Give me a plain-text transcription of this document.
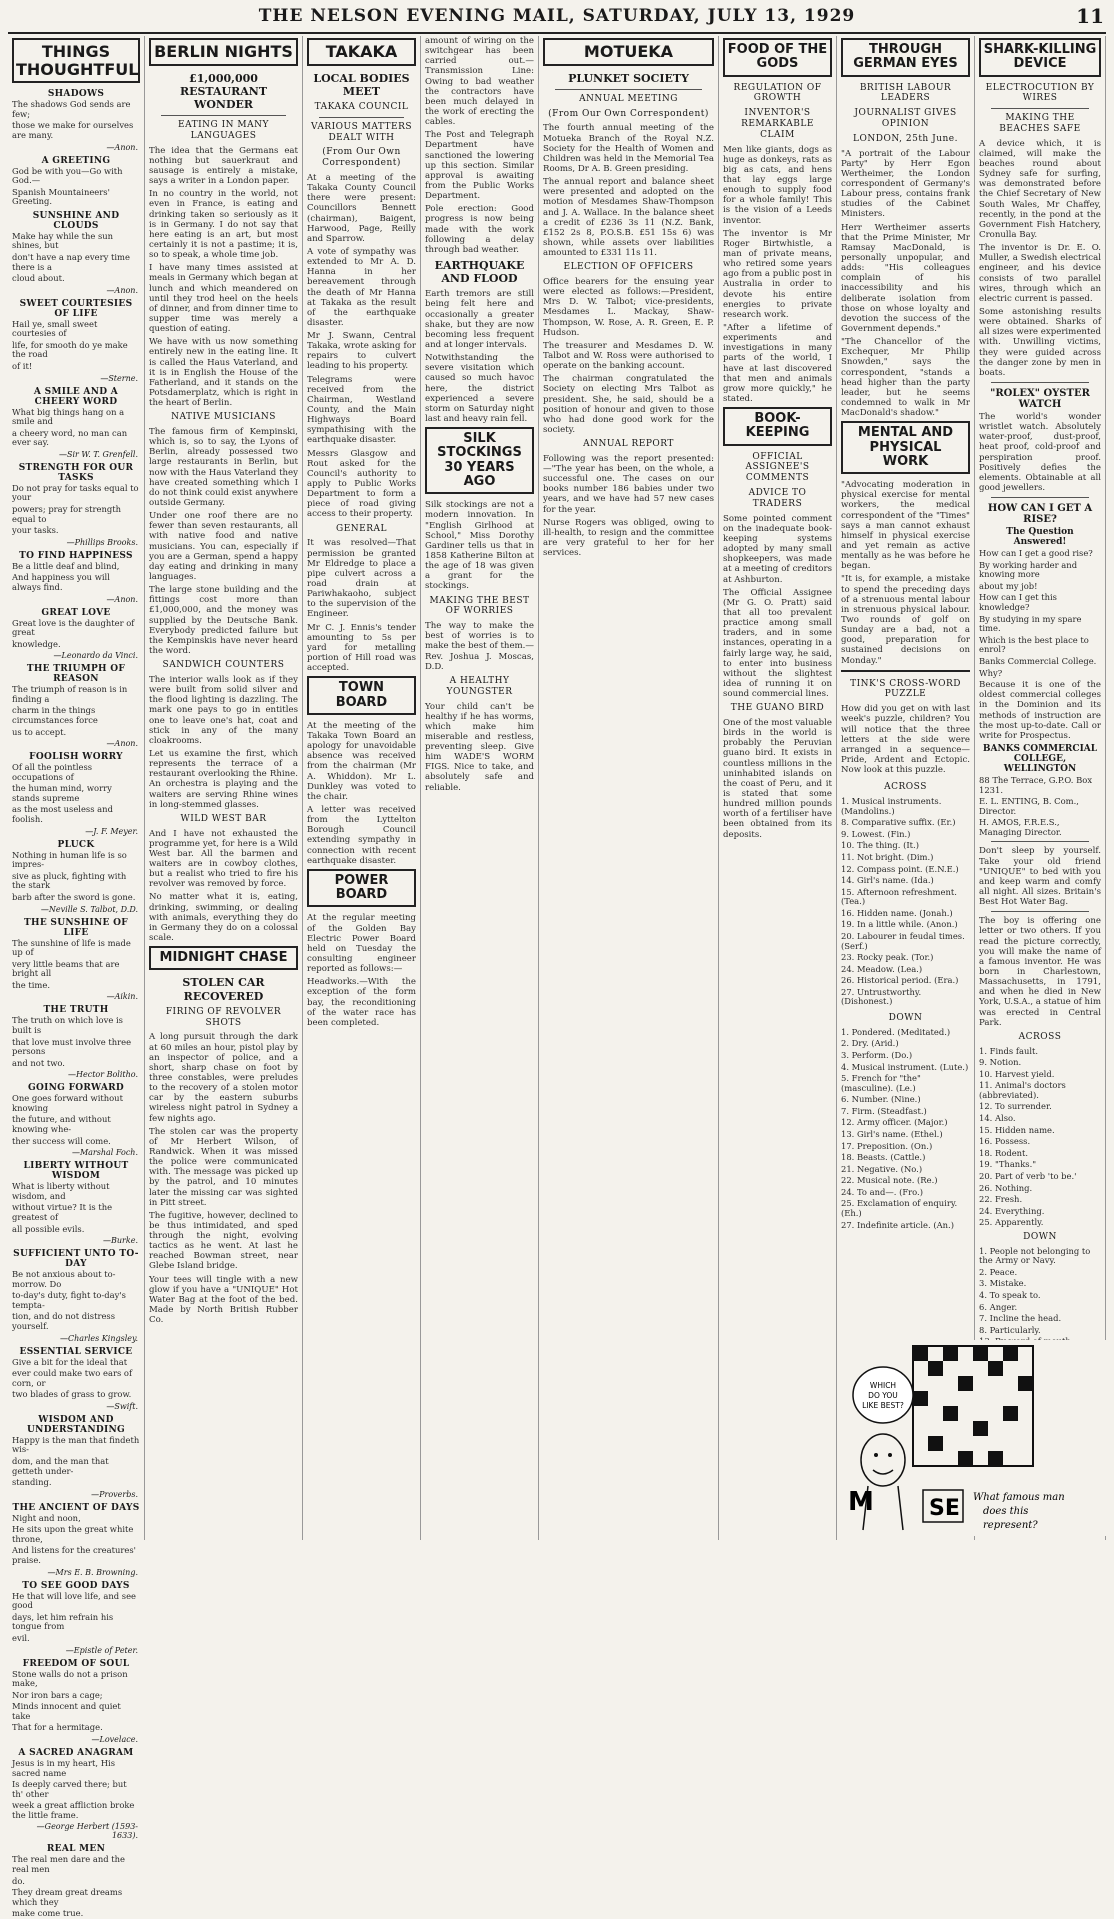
THE NELSON EVENING MAIL, SATURDAY, JULY 13, 1929	11
THINGS THOUGHTFUL
SHADOWS
The shadows God sends are few;
those we make for ourselves are many.
—Anon.
A GREETING
God be with you—Go with God.—
Spanish Mountaineers' Greeting.
SUNSHINE AND CLOUDS
Make hay while the sun shines, but
don't have a nap every time there is a
cloud about.
—Anon.
SWEET COURTESIES OF LIFE
Hail ye, small sweet courtesies of
life, for smooth do ye make the road
of it!
—Sterne.
A SMILE AND A CHEERY WORD
What big things hang on a smile and
a cheery word, no man can ever say.
—Sir W. T. Grenfell.
STRENGTH FOR OUR TASKS
Do not pray for tasks equal to your
powers; pray for strength equal to
your tasks.
—Phillips Brooks.
TO FIND HAPPINESS
Be a little deaf and blind,
And happiness you will always find.
—Anon.
GREAT LOVE
Great love is the daughter of great
knowledge.
—Leonardo da Vinci.
THE TRIUMPH OF REASON
The triumph of reason is in finding a
charm in the things circumstances force
us to accept.
—Anon.
FOOLISH WORRY
Of all the pointless occupations of
the human mind, worry stands supreme
as the most useless and foolish.
—J. F. Meyer.
PLUCK
Nothing in human life is so impres-
sive as pluck, fighting with the stark
barb after the sword is gone.
—Neville S. Talbot, D.D.
THE SUNSHINE OF LIFE
The sunshine of life is made up of
very little beams that are bright all
the time.
—Aikin.
THE TRUTH
The truth on which love is built is
that love must involve three persons
and not two.
—Hector Bolitho.
GOING FORWARD
One goes forward without knowing
the future, and without knowing whe-
ther success will come.
—Marshal Foch.
LIBERTY WITHOUT WISDOM
What is liberty without wisdom, and
without virtue? It is the greatest of
all possible evils.
—Burke.
SUFFICIENT UNTO TO-DAY
Be not anxious about to-morrow. Do
to-day's duty, fight to-day's tempta-
tion, and do not distress yourself.
—Charles Kingsley.
ESSENTIAL SERVICE
Give a bit for the ideal that
ever could make two ears of corn, or
two blades of grass to grow.
—Swift.
WISDOM AND UNDERSTANDING
Happy is the man that findeth wis-
dom, and the man that getteth under-
standing.
—Proverbs.
THE ANCIENT OF DAYS
Night and noon,
He sits upon the great white throne,
And listens for the creatures' praise.
—Mrs E. B. Browning.
TO SEE GOOD DAYS
He that will love life, and see good
days, let him refrain his tongue from
evil.
—Epistle of Peter.
FREEDOM OF SOUL
Stone walls do not a prison make,
Nor iron bars a cage;
Minds innocent and quiet take
That for a hermitage.
—Lovelace.
A SACRED ANAGRAM
Jesus is in my heart, His sacred name
Is deeply carved there; but th' other
week a great affliction broke the little frame.
—George Herbert (1593-1633).
REAL MEN
The real men dare and the real men
do.
They dream great dreams which they
make come true.
BERLIN NIGHTS
£1,000,000 RESTAURANT WONDER
EATING IN MANY LANGUAGES

The idea that the Germans eat nothing but sauerkraut and sausage is entirely a mistake, says a writer in a London paper.

In no country in the world, not even in France, is eating and drinking taken so seriously as it is in Germany. I do not say that here eating is an art, but most certainly it is not a pastime; it is, so to speak, a whole time job.

I have many times assisted at meals in Germany which began at lunch and which meandered on until they trod heel on the heels of dinner, and from dinner time to supper time was merely a question of eating.

We have with us now something entirely new in the eating line. It is called the Haus Vaterland, and it is in English the House of the Fatherland, and it stands on the Potsdamerplatz, which is right in the heart of Berlin.

NATIVE MUSICIANS

The famous firm of Kempinski, which is, so to say, the Lyons of Berlin, already possessed two large restaurants in Berlin, but now with the Haus Vaterland they have created something which I do not think could exist anywhere outside Germany.

Under one roof there are no fewer than seven restaurants, all with native food and native musicians. You can, especially if you are a German, spend a happy day eating and drinking in many languages.

The large stone building and the fittings cost more than £1,000,000, and the money was supplied by the Deutsche Bank. Everybody predicted failure but the Kempinskis have never heard the word.

SANDWICH COUNTERS

The interior walls look as if they were built from solid silver and the flood lighting is dazzling. The mark one pays to go in entitles one to leave one's hat, coat and stick in any of the many cloakrooms.

Let us examine the first, which represents the terrace of a restaurant overlooking the Rhine. An orchestra is playing and the waiters are serving Rhine wines in long-stemmed glasses.

WILD WEST BAR

And I have not exhausted the programme yet, for here is a Wild West bar. All the barmen and waiters are in cowboy clothes, but a realist who tried to fire his revolver was removed by force.

No matter what it is, eating, drinking, swimming, or dealing with animals, everything they do in Germany they do on a colossal scale.

MIDNIGHT CHASE
STOLEN CAR RECOVERED
FIRING OF REVOLVER SHOTS

A long pursuit through the dark at 60 miles an hour, pistol play by an inspector of police, and a short, sharp chase on foot by three constables, were preludes to the recovery of a stolen motor car by the eastern suburbs wireless night patrol in Sydney a few nights ago.

The stolen car was the property of Mr Herbert Wilson, of Randwick. When it was missed the police were communicated with. The message was picked up by the patrol, and 10 minutes later the missing car was sighted in Pitt street.

The fugitive, however, declined to be thus intimidated, and sped through the night, evolving tactics as he went. At last he reached Bowman street, near Glebe Island bridge.

Your tees will tingle with a new glow if you have a "UNIQUE" Hot Water Bag at the foot of the bed. Made by North British Rubber Co.

TAKAKA
LOCAL BODIES MEET
TAKAKA COUNCIL
VARIOUS MATTERS DEALT WITH
(From Our Own Correspondent)

At a meeting of the Takaka County Council there were present: Councillors Bennett (chairman), Baigent, Harwood, Page, Reilly and Sparrow.

A vote of sympathy was extended to Mr A. D. Hanna in her bereavement through the death of Mr Hanna at Takaka as the result of the earthquake disaster.

Mr J. Swann, Central Takaka, wrote asking for repairs to culvert leading to his property.

Telegrams were received from the Chairman, Westland County, and the Main Highways Board sympathising with the earthquake disaster.

Messrs Glasgow and Rout asked for the Council's authority to apply to Public Works Department to form a piece of road giving access to their property.

GENERAL

It was resolved—That permission be granted Mr Eldredge to place a pipe culvert across a road drain at Pariwhakaoho, subject to the supervision of the Engineer.

Mr C. J. Ennis's tender amounting to 5s per yard for metalling portion of Hill road was accepted.

TOWN BOARD

At the meeting of the Takaka Town Board an apology for unavoidable absence was received from the chairman (Mr A. Whiddon). Mr L. Dunkley was voted to the chair.

A letter was received from the Lyttelton Borough Council extending sympathy in connection with recent earthquake disaster.

POWER BOARD

At the regular meeting of the Golden Bay Electric Power Board held on Tuesday the consulting engineer reported as follows:—

Headworks.—With the exception of the form bay, the reconditioning of the water race has been completed.

amount of wiring on the switchgear has been carried out.—Transmission Line: Owing to bad weather the contractors have been much delayed in the work of erecting the cables.

The Post and Telegraph Department have sanctioned the lowering up this section. Similar approval is awaiting from the Public Works Department.

Pole erection: Good progress is now being made with the work following a delay through bad weather.

EARTHQUAKE AND FLOOD

Earth tremors are still being felt here and occasionally a greater shake, but they are now becoming less frequent and at longer intervals.

Notwithstanding the severe visitation which caused so much havoc here, the district experienced a severe storm on Saturday night last and heavy rain fell.

SILK STOCKINGS 30 YEARS AGO

Silk stockings are not a modern innovation. In "English Girlhood at School," Miss Dorothy Gardiner tells us that in 1858 Katherine Bilton at the age of 18 was given a grant for the stockings.

MAKING THE BEST OF WORRIES

The way to make the best of worries is to make the best of them.—Rev. Joshua J. Moscas, D.D.

A HEALTHY YOUNGSTER

Your child can't be healthy if he has worms, which make him miserable and restless, preventing sleep. Give him WADE'S WORM FIGS. Nice to take, and absolutely safe and reliable.

MOTUEKA
PLUNKET SOCIETY
ANNUAL MEETING
(From Our Own Correspondent)

The fourth annual meeting of the Motueka Branch of the Royal N.Z. Society for the Health of Women and Children was held in the Memorial Tea Rooms, Dr A. B. Green presiding.

The annual report and balance sheet were presented and adopted on the motion of Mesdames Shaw-Thompson and J. A. Wallace. In the balance sheet a credit of £236 3s 11 (N.Z. Bank, £152 2s 8, P.O.S.B. £51 15s 6) was shown, while assets over liabilities amounted to £331 11s 11.

ELECTION OF OFFICERS

Office bearers for the ensuing year were elected as follows:—President, Mrs D. W. Talbot; vice-presidents, Mesdames L. Mackay, Shaw-Thompson, W. Rose, A. R. Green, E. P. Hudson.

The treasurer and Mesdames D. W. Talbot and W. Ross were authorised to operate on the banking account.

The chairman congratulated the Society on electing Mrs Talbot as president. She, he said, should be a position of honour and given to those who had done good work for the society.

ANNUAL REPORT

Following was the report presented:—"The year has been, on the whole, a successful one. The cases on our books number 186 babies under two years, and we have had 57 new cases for the year.

Nurse Rogers was obliged, owing to ill-health, to resign and the committee are very grateful to her for her services.

FOOD OF THE GODS
REGULATION OF GROWTH
INVENTOR'S REMARKABLE CLAIM

Men like giants, dogs as huge as donkeys, rats as big as cats, and hens that lay eggs large enough to supply food for a whole family! This is the vision of a Leeds inventor.

The inventor is Mr Roger Birtwhistle, a man of private means, who retired some years ago from a public post in Australia in order to devote his entire energies to private research work.

"After a lifetime of experiments and investigations in many parts of the world, I have at last discovered that men and animals grow more quickly," he stated.

BOOK-KEEPING
OFFICIAL ASSIGNEE'S COMMENTS
ADVICE TO TRADERS

Some pointed comment on the inadequate book-keeping systems adopted by many small shopkeepers, was made at a meeting of creditors at Ashburton.

The Official Assignee (Mr G. O. Pratt) said that all too prevalent practice among small traders, and in some instances, operating in a fairly large way, he said, to enter into business without the slightest idea of running it on sound commercial lines.

THE GUANO BIRD

One of the most valuable birds in the world is probably the Peruvian guano bird. It exists in countless millions in the uninhabited islands on the coast of Peru, and it is stated that some hundred million pounds worth of a fertiliser have been obtained from its deposits.

THROUGH GERMAN EYES
BRITISH LABOUR LEADERS
JOURNALIST GIVES OPINION
LONDON, 25th June.

"A portrait of the Labour Party" by Herr Egon Wertheimer, the London correspondent of Germany's Labour press, contains frank studies of the Cabinet Ministers.

Herr Wertheimer asserts that the Prime Minister, Mr Ramsay MacDonald, is personally unpopular, and adds: "His colleagues complain of his inaccessibility and his deliberate isolation from those on whose loyalty and devotion the success of the Government depends."

"The Chancellor of the Exchequer, Mr Philip Snowden," says the correspondent, "stands a head higher than the party leader, but he seems condemned to walk in Mr MacDonald's shadow."

MENTAL AND PHYSICAL WORK

"Advocating moderation in physical exercise for mental workers, the medical correspondent of the "Times" says a man cannot exhaust himself in physical exercise and yet remain as active mentally as he was before he began.

"It is, for example, a mistake to spend the preceding days of a strenuous mental labour in strenuous physical labour. Two rounds of golf on Sunday are a bad, not a good, preparation for sustained decisions on Monday."

TINK'S CROSS-WORD PUZZLE

How did you get on with last week's puzzle, children? You will notice that the three letters at the side were arranged in a sequence—Pride, Ardent and Ectopic. Now look at this puzzle.

ACROSS
1. Musical instruments. (Mandolins.)
8. Comparative suffix. (Er.)
9. Lowest. (Fin.)
10. The thing. (It.)
11. Not bright. (Dim.)
12. Compass point. (E.N.E.)
14. Girl's name. (Ida.)
15. Afternoon refreshment. (Tea.)
16. Hidden name. (Jonah.)
19. In a little while. (Anon.)
20. Labourer in feudal times. (Serf.)
23. Rocky peak. (Tor.)
24. Meadow. (Lea.)
26. Historical period. (Era.)
27. Untrustworthy. (Dishonest.)
DOWN
1. Pondered. (Meditated.)
2. Dry. (Arid.)
3. Perform. (Do.)
4. Musical instrument. (Lute.)
5. French for "the" (masculine). (Le.)
6. Number. (Nine.)
7. Firm. (Steadfast.)
12. Army officer. (Major.)
13. Girl's name. (Ethel.)
17. Preposition. (On.)
18. Beasts. (Cattle.)
21. Negative. (No.)
22. Musical note. (Re.)
24. To and—. (Fro.)
25. Exclamation of enquiry. (Eh.)
27. Indefinite article. (An.)
SHARK-KILLING DEVICE
ELECTROCUTION BY WIRES
MAKING THE BEACHES SAFE

A device which, it is claimed, will make the beaches round about Sydney safe for surfing, was demonstrated before the Chief Secretary of New South Wales, Mr Chaffey, recently, in the pond at the Government Fish Hatchery, Cronulla Bay.

The inventor is Dr. E. O. Muller, a Swedish electrical engineer, and his device consists of two parallel wires, through which an electric current is passed.

Some astonishing results were obtained. Sharks of all sizes were experimented with. Unwilling victims, they were guided across the danger zone by men in boats.

"ROLEX" OYSTER WATCH

The world's wonder wristlet watch. Absolutely water-proof, dust-proof, heat proof, cold-proof and perspiration proof. Positively defies the elements. Obtainable at all good jewellers.

HOW CAN I GET A RISE?
The Question Answered!
How can I get a good rise?
By working harder and knowing more
about my job!
How can I get this knowledge?
By studying in my spare time.
Which is the best place to enrol?
Banks Commercial College.
Why?

Because it is one of the oldest commercial colleges in the Dominion and its methods of instruction are the most up-to-date. Call or write for Prospectus.

BANKS COMMERCIAL COLLEGE, WELLINGTON
88 The Terrace, G.P.O. Box 1231.
E. L. ENTING, B. Com., Director.
H. AMOS, F.R.E.S., Managing Director.

Don't sleep by yourself. Take your old friend "UNIQUE" to bed with you and keep warm and comfy all night. All sizes. Britain's Best Hot Water Bag.

The boy is offering one letter or two others. If you read the picture correctly, you will make the name of a famous inventor. He was born in Charlestown, Massachusetts, in 1791, and when he died in New York, U.S.A., a statue of him was erected in Central Park.

ACROSS
1. Finds fault.
9. Notion.
10. Harvest yield.
11. Animal's doctors (abbreviated).
12. To surrender.
14. Also.
15. Hidden name.
16. Possess.
18. Rodent.
19. "Thanks."
20. Part of verb 'to be.'
26. Nothing.
22. Fresh.
24. Everything.
25. Apparently.
DOWN
1. People not belonging to the Army or Navy.
2. Peace.
3. Mistake.
4. To speak to.
6. Anger.
7. Incline the head.
8. Particularly.
WHICH
DO YOU
LIKE BEST?
M	SE What famous man
does this
represent?
